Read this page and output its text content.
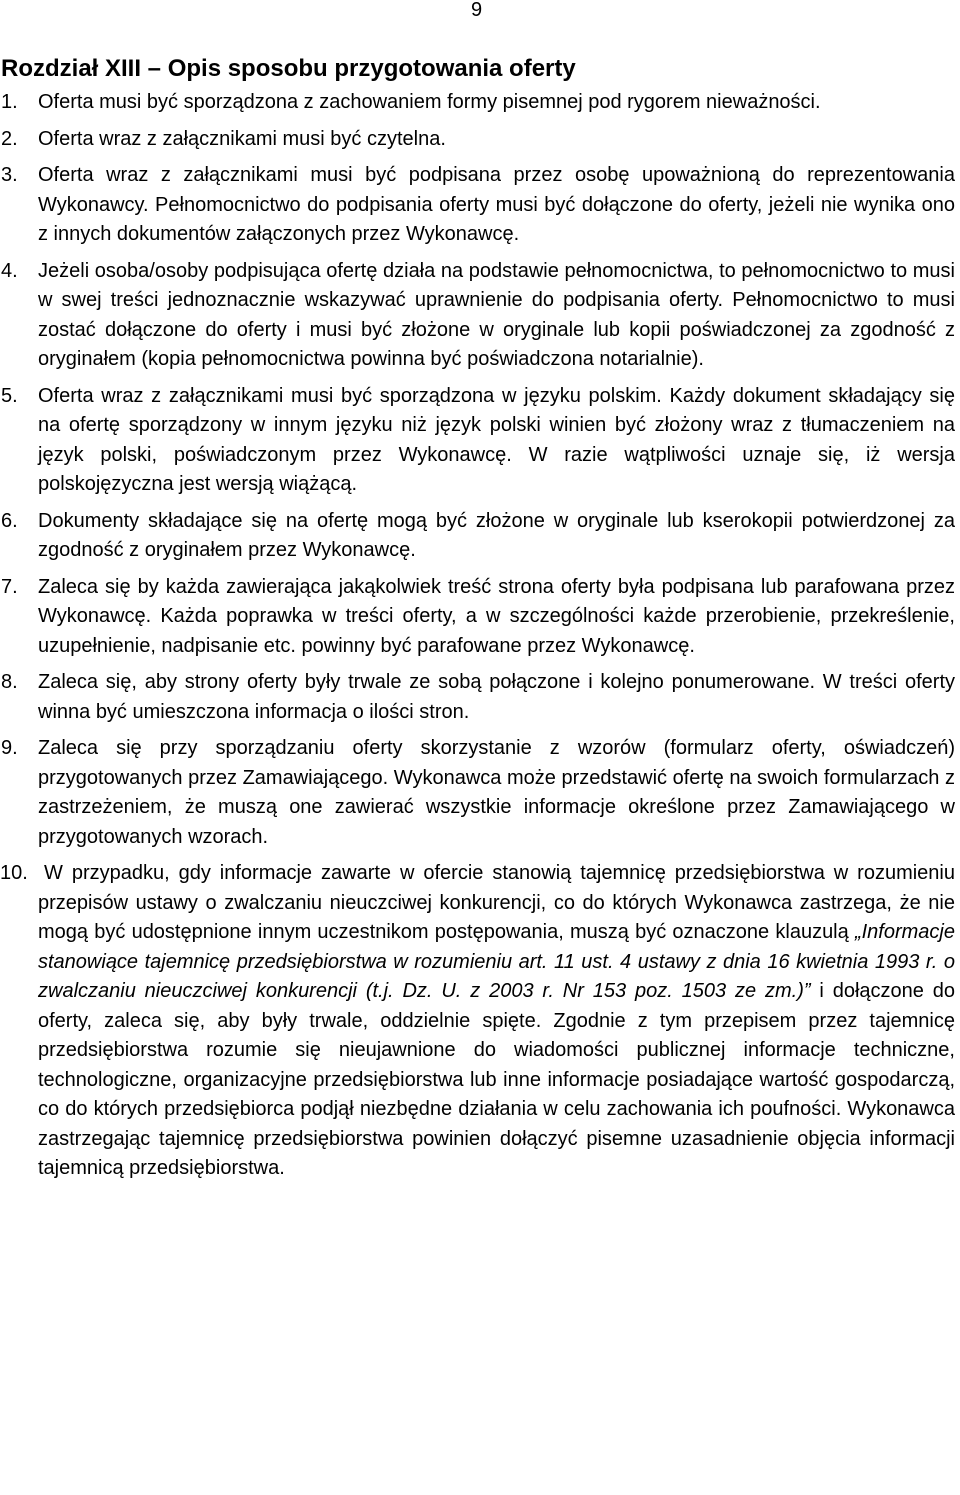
9
Rozdział XIII – Opis sposobu przygotowania oferty
1.	Oferta musi być sporządzona z zachowaniem formy pisemnej pod rygorem nieważności.
2.	Oferta wraz z załącznikami musi być czytelna.
3.	Oferta wraz z załącznikami musi być podpisana przez osobę upoważnioną do reprezentowania Wykonawcy. Pełnomocnictwo do podpisania oferty musi być dołączone do oferty, jeżeli nie wynika ono z innych dokumentów załączonych przez Wykonawcę.
4.	Jeżeli osoba/osoby podpisująca ofertę działa na podstawie pełnomocnictwa, to pełnomocnictwo to musi w swej treści jednoznacznie wskazywać uprawnienie do podpisania oferty. Pełnomocnictwo to musi zostać dołączone do oferty i musi być złożone w oryginale lub kopii poświadczonej za zgodność z oryginałem (kopia pełnomocnictwa powinna być poświadczona notarialnie).
5.	Oferta wraz z załącznikami musi być sporządzona w języku polskim. Każdy dokument składający się na ofertę sporządzony w innym języku niż język polski winien być złożony wraz z tłumaczeniem na język polski, poświadczonym przez Wykonawcę. W razie wątpliwości uznaje się, iż wersja polskojęzyczna jest wersją wiążącą.
6.	Dokumenty składające się na ofertę mogą być złożone w oryginale lub kserokopii potwierdzonej za zgodność z oryginałem przez Wykonawcę.
7.	Zaleca się by każda zawierająca jakąkolwiek treść strona oferty była podpisana lub parafowana przez Wykonawcę. Każda poprawka w treści oferty, a w szczególności każde przerobienie, przekreślenie, uzupełnienie, nadpisanie etc. powinny być parafowane przez Wykonawcę.
8.	Zaleca się, aby strony oferty były trwale ze sobą połączone i kolejno ponumerowane. W treści oferty winna być umieszczona informacja o ilości stron.
9.	Zaleca się przy sporządzaniu oferty skorzystanie z wzorów (formularz oferty, oświadczeń) przygotowanych przez Zamawiającego. Wykonawca może przedstawić ofertę na swoich formularzach z zastrzeżeniem, że muszą one zawierać wszystkie informacje określone przez Zamawiającego w przygotowanych wzorach.
10. W przypadku, gdy informacje zawarte w ofercie stanowią tajemnicę przedsiębiorstwa w rozumieniu przepisów ustawy o zwalczaniu nieuczciwej konkurencji, co do których Wykonawca zastrzega, że nie mogą być udostępnione innym uczestnikom postępowania, muszą być oznaczone klauzulą „Informacje stanowiące tajemnicę przedsiębiorstwa w rozumieniu art. 11 ust. 4 ustawy z dnia 16 kwietnia 1993 r. o zwalczaniu nieuczciwej konkurencji (t.j. Dz. U. z 2003 r. Nr 153 poz. 1503 ze zm.)” i dołączone do oferty, zaleca się, aby były trwale, oddzielnie spięte. Zgodnie z tym przepisem przez tajemnicę przedsiębiorstwa rozumie się nieujawnione do wiadomości publicznej informacje techniczne, technologiczne, organizacyjne przedsiębiorstwa lub inne informacje posiadające wartość gospodarczą, co do których przedsiębiorca podjął niezbędne działania w celu zachowania ich poufności. Wykonawca zastrzegając tajemnicę przedsiębiorstwa powinien dołączyć pisemne uzasadnienie objęcia informacji tajemnicą przedsiębiorstwa.
